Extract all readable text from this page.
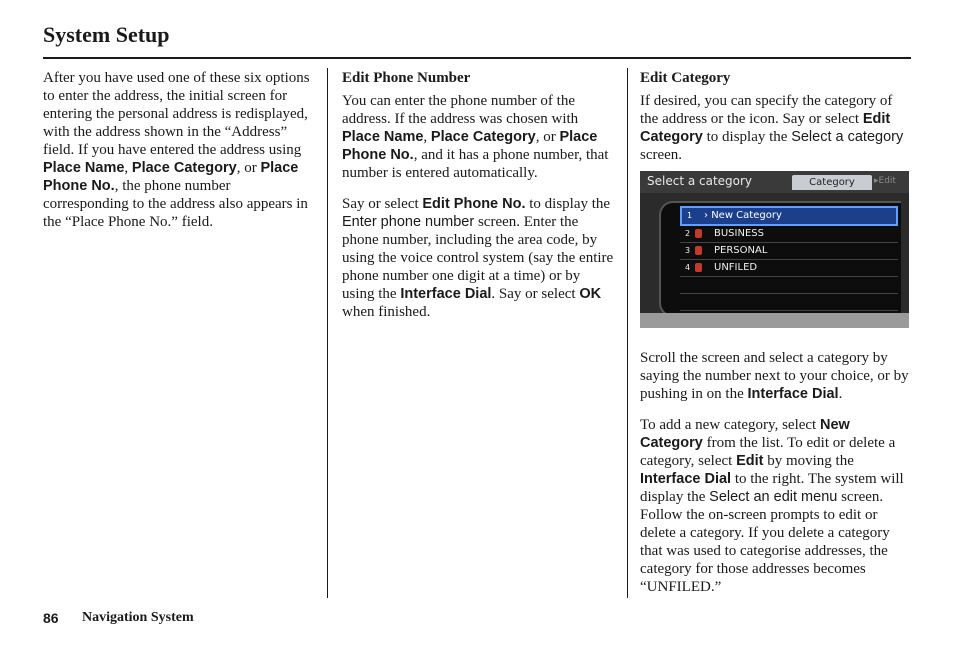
System Setup

After you have used one of these six options to enter the address, the initial screen for entering the personal address is redisplayed, with the address shown in the “Address” field. If you have entered the address using Place Name, Place Category, or Place Phone No., the phone number corresponding to the address also appears in the “Place Phone No.” field.

Edit Phone Number

You can enter the phone number of the address. If the address was chosen with Place Name, Place Category, or Place Phone No., and it has a phone number, that number is entered automatically.

Say or select Edit Phone No. to display the Enter phone number screen. Enter the phone number, including the area code, by using the voice control system (say the entire phone number one digit at a time) or by using the Interface Dial. Say or select OK when finished.

Edit Category

If desired, you can specify the category of the address or the icon. Say or select Edit Category to display the Select a category screen.

Scroll the screen and select a category by saying the number next to your choice, or by pushing in on the Interface Dial.

To add a new category, select New Category from the list. To edit or delete a category, select Edit by moving the Interface Dial to the right. The system will display the Select an edit menu screen. Follow the on-screen prompts to edit or delete a category. If you delete a category that was used to categorise addresses, the category for those addresses becomes “UNFILED.”

Select a category	Category	▸Edit
1 › New Category
2 BUSINESS
3 PERSONAL
4 UNFILED
86 Navigation System
